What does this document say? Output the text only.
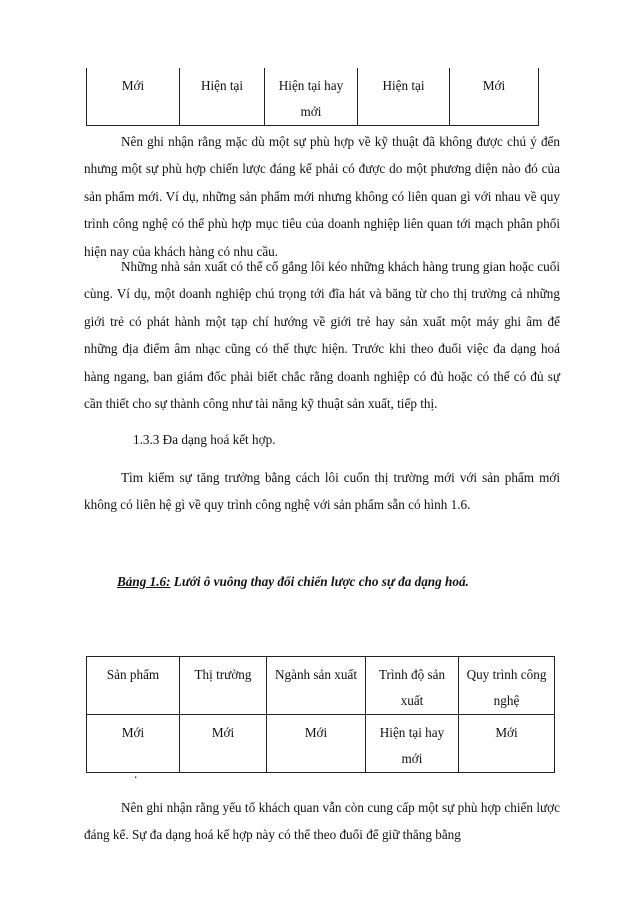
Mới	Hiện tại	Hiện tại hay mới	Hiện tại	Mới

Nên ghi nhận rằng mặc dù một sự phù hợp về kỹ thuật đã không được chú ý đến nhưng một sự phù hợp chiến lược đáng kể phải có được do một phương diện nào đó của sản phẩm mới. Ví dụ, những sản phẩm mới nhưng không có liên quan gì với nhau về quy trình công nghệ có thể phù hợp mục tiêu của doanh nghiệp liên quan tới mạch phân phối hiện nay của khách hàng có nhu cầu.

Những nhà sản xuất có thể cố gắng lôi kéo những khách hàng trung gian hoặc cuối cùng. Ví dụ, một doanh nghiệp chú trọng tới đĩa hát và băng từ cho thị trường cả những giới trẻ có phát hành một tạp chí hướng về giới trẻ hay sản xuất một máy ghi âm để những địa điểm âm nhạc cũng có thể thực hiện. Trước khi theo đuổi việc đa dạng hoá hàng ngang, ban giám đốc phải biết chắc rằng doanh nghiệp có đủ hoặc có thể có đủ sự cần thiết cho sự thành công như tài năng kỹ thuật sản xuất, tiếp thị.

1.3.3 Đa dạng hoá kết hợp.

Tìm kiếm sự tăng trưởng bằng cách lôi cuốn thị trường mới với sản phẩm mới không có liên hệ gì về quy trình công nghệ với sản phẩm sẵn có hình 1.6.

Bảng 1.6: Lưới ô vuông thay đổi chiến lược cho sự đa dạng hoá.

Sản phẩm	Thị trường	Ngành sản xuất	Trình độ sản xuất	Quy trình công nghệ
Mới	Mới	Mới	Hiện tại hay mới	Mới

.

Nên ghi nhận rằng yếu tố khách quan vẫn còn cung cấp một sự phù hợp chiến lược đáng kể. Sự đa dạng hoá kế hợp này có thể theo đuổi để giữ thăng bằng
